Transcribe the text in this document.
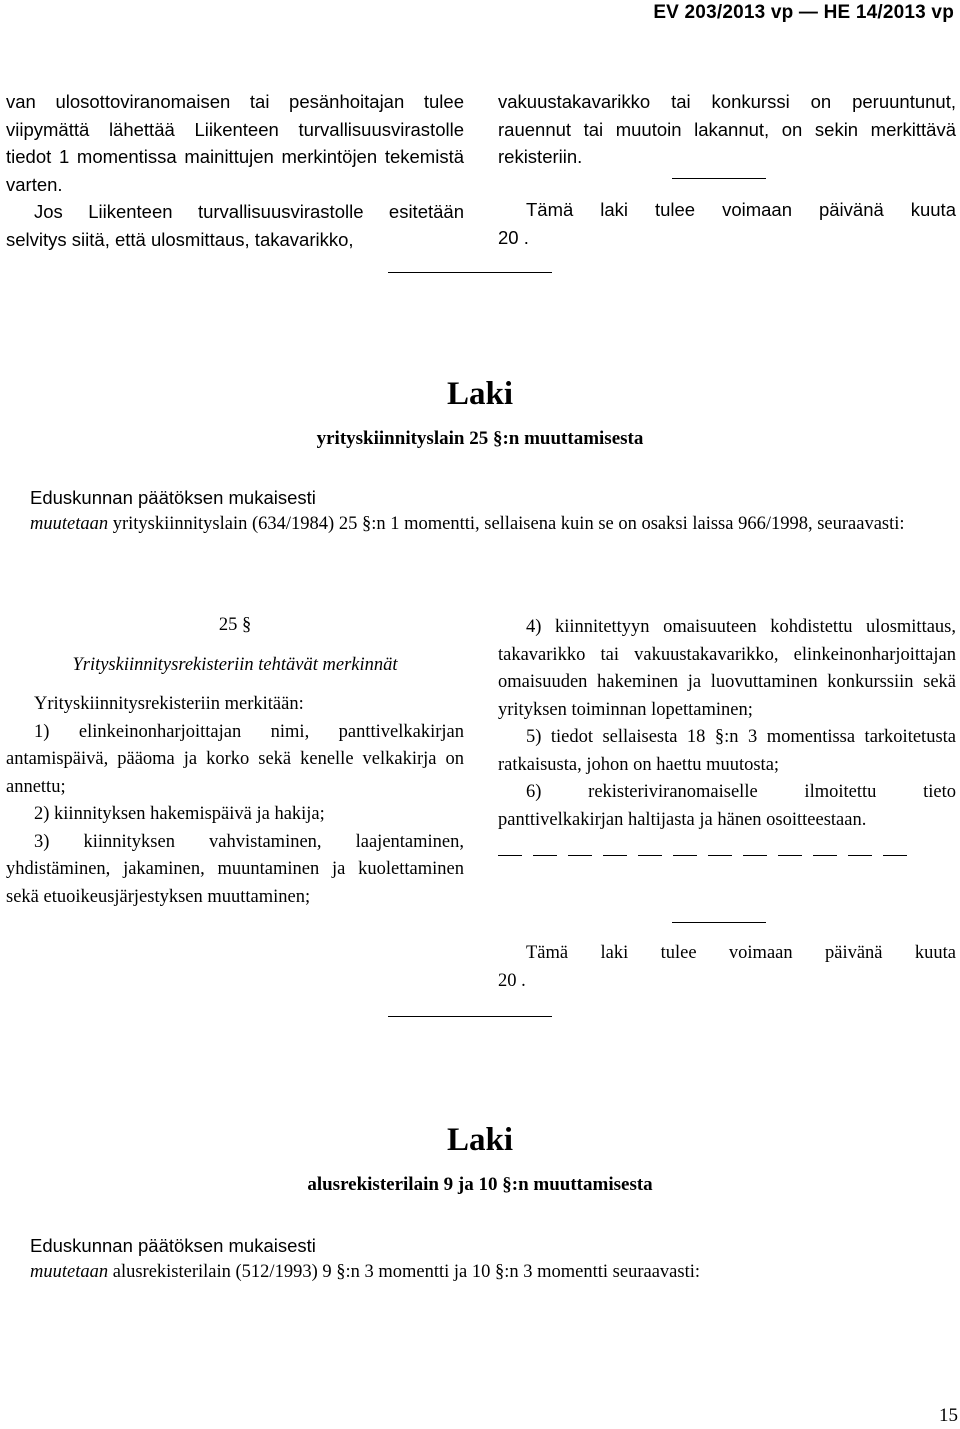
EV 203/2013 vp — HE 14/2013 vp

van ulosottoviranomaisen tai pesänhoitajan tulee viipymättä lähettää Liikenteen turvallisuusvirastolle tiedot 1 momentissa mainittujen merkintöjen tekemistä varten.

Jos Liikenteen turvallisuusvirastolle esitetään selvitys siitä, että ulosmittaus, takavarikko,

vakuustakavarikko tai konkurssi on peruuntunut, rauennut tai muutoin lakannut, on sekin merkittävä rekisteriin.

Tämä laki tulee voimaan päivänä kuuta

20 .

Laki
yrityskiinnityslain 25 §:n muuttamisesta

Eduskunnan päätöksen mukaisesti

muutetaan yrityskiinnityslain (634/1984) 25 §:n 1 momentti, sellaisena kuin se on osaksi laissa 966/1998, seuraavasti:

25 §

Yrityskiinnitysrekisteriin tehtävät merkinnät

Yrityskiinnitysrekisteriin merkitään:

1) elinkeinonharjoittajan nimi, panttivelkakirjan antamispäivä, pääoma ja korko sekä kenelle velkakirja on annettu;

2) kiinnityksen hakemispäivä ja hakija;

3) kiinnityksen vahvistaminen, laajentaminen, yhdistäminen, jakaminen, muuntaminen ja kuolettaminen sekä etuoikeusjärjestyksen muuttaminen;

4) kiinnitettyyn omaisuuteen kohdistettu ulosmittaus, takavarikko tai vakuustakavarikko, elinkeinonharjoittajan omaisuuden hakeminen ja luovuttaminen konkurssiin sekä yrityksen toiminnan lopettaminen;

5) tiedot sellaisesta 18 §:n 3 momentissa tarkoitetusta ratkaisusta, johon on haettu muutosta;

6) rekisteriviranomaiselle ilmoitettu tieto panttivelkakirjan haltijasta ja hänen osoitteestaan.

Tämä laki tulee voimaan päivänä kuuta

20 .

Laki
alusrekisterilain 9 ja 10 §:n muuttamisesta

Eduskunnan päätöksen mukaisesti

muutetaan alusrekisterilain (512/1993) 9 §:n 3 momentti ja 10 §:n 3 momentti seuraavasti:

15
